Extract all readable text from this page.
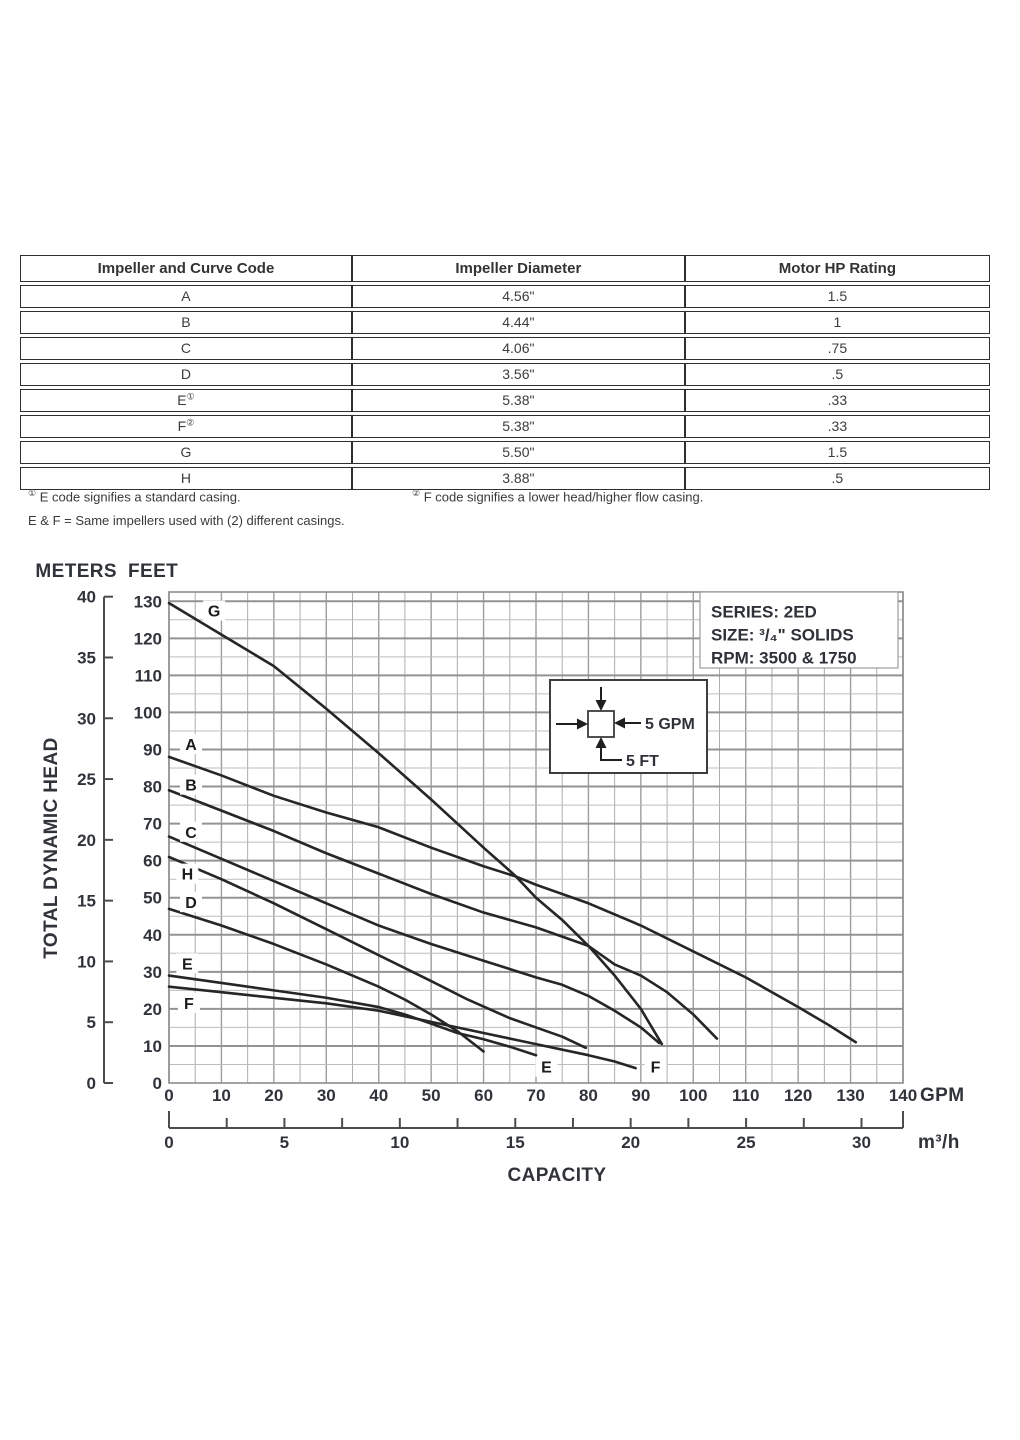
Impeller and Curve Code	Impeller Diameter	Motor HP Rating
A	4.56"	1.5
B	4.44"	1
C	4.06"	.75
D	3.56"	.5
E①	5.38"	.33
F②	5.38"	.33
G	5.50"	1.5
H	3.88"	.5
① E code signifies a standard casing.	② F code signifies a lower head/higher flow casing.
E & F = Same impellers used with (2) different casings.
METERS FEET
0
5
10
15
20
25
30
35
40
0
10
20
30
40
50
60
70
80
90
100
110
120
130
TOTAL DYNAMIC HEAD
0 10 20 30 40 50 60 70 80 90 100 110 120 130 140 GPM
0	5	10	15	20	25	30 m³/h
CAPACITY
SERIES: 2ED
SIZE: ³/₄" SOLIDS
RPM: 3500 & 1750
5 GPM
5 FT
G
A
B
C
H
D
E
E
F
F
